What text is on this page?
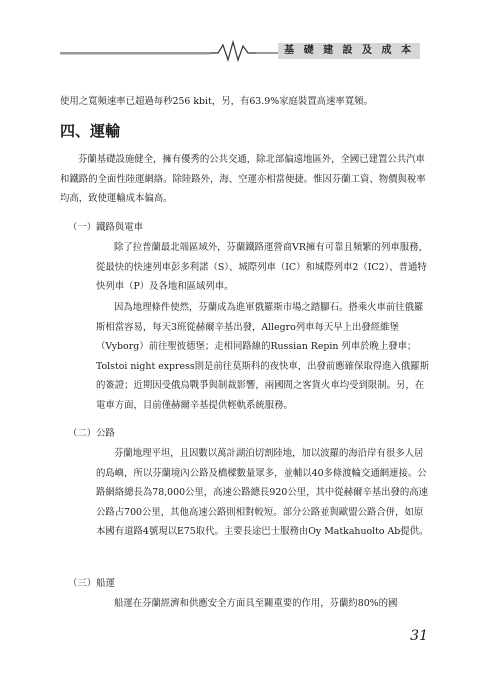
基 礎 建 設 及 成 本
使用之寬頻速率已超過每秒256 kbit，另，有63.9%家庭裝置高速率寬頻。
四、運輸

芬蘭基礎設施健全，擁有優秀的公共交通，除北部偏遠地區外，全國已建置公共汽車和鐵路的全面性陸運網絡。除陸路外，海、空運亦相當便捷。惟因芬蘭工資、物價與稅率均高，致使運輸成本偏高。

（一）鐵路與電車

除了拉普蘭最北端區域外，芬蘭鐵路運營商VR擁有可靠且頻繁的列車服務，從最快的快速列車彭多利諾（S）、城際列車（IC）和城際列車2（IC2）、普通特快列車（P）及各地和區域列車。

因為地理條件使然，芬蘭成為進軍俄羅斯市場之踏腳石。搭乘火車前往俄羅斯相當容易，每天3班從赫爾辛基出發，Allegro列車每天早上出發經維堡（Vyborg）前往聖彼德堡；走相同路線的Russian Repin 列車於晚上發車；Tolstoi night express則是前往莫斯科的夜快車，出發前應確保取得進入俄羅斯的簽證；近期因受俄烏戰爭與制裁影響，兩國間之客貨火車均受到限制。另，在電車方面，目前僅赫爾辛基提供輕軌系統服務。

（二）公路

芬蘭地理平坦，且因數以萬計湖泊切割陸地，加以波羅的海沿岸有很多人居的島嶼，所以芬蘭境內公路及橋樑數量眾多，並輔以40多條渡輪交通網連接。公路網絡總長為78,000公里，高速公路總長920公里，其中從赫爾辛基出發的高速公路占700公里，其他高速公路則相對較短。部分公路並與歐盟公路合併，如原本國有道路4號現以E75取代。主要長途巴士服務由Oy Matkahuolto Ab提供。

（三）船運

船運在芬蘭經濟和供應安全方面具至關重要的作用，芬蘭約80%的國

31
